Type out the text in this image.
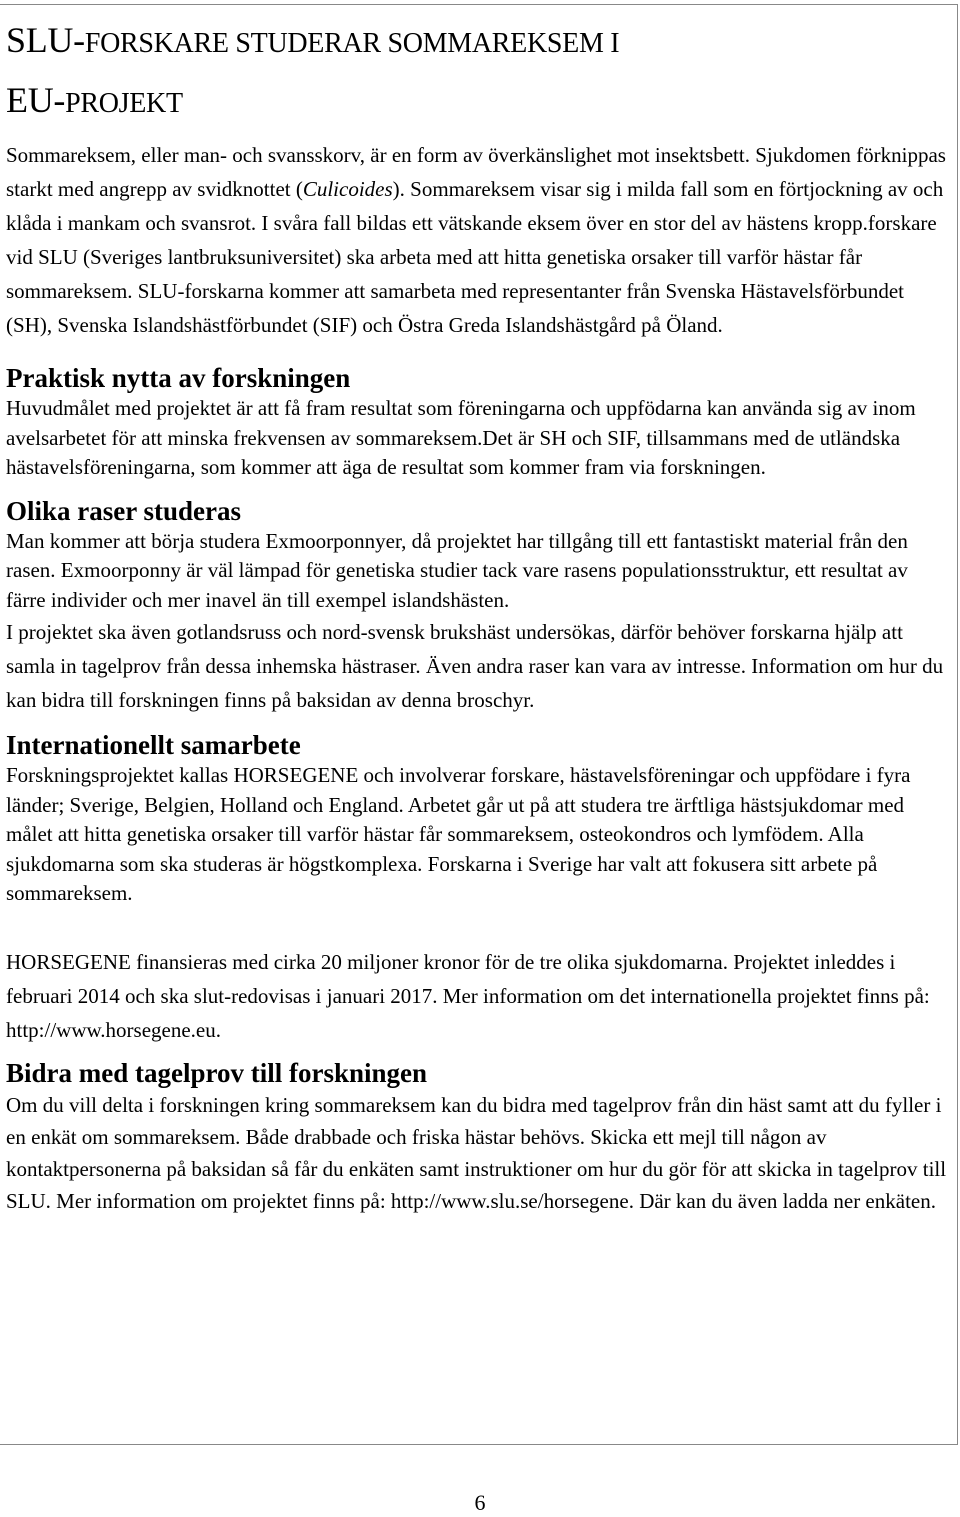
SLU-FORSKARE STUDERAR SOMMAREKSEM I
EU-PROJEKT

Sommareksem, eller man- och svansskorv, är en form av överkänslighet mot insektsbett. Sjukdomen förknippas starkt med angrepp av svidknottet (Culicoides). Sommareksem visar sig i milda fall som en förtjockning av och klåda i mankam och svansrot. I svåra fall bildas ett vätskande eksem över en stor del av hästens kropp.forskare vid SLU (Sveriges lantbruksuniversitet) ska arbeta med att hitta genetiska orsaker till varför hästar får sommareksem. SLU-forskarna kommer att samarbeta med representanter från Svenska Hästavelsförbundet (SH), Svenska Islandshästförbundet (SIF) och Östra Greda Islandshästgård på Öland.

Praktisk nytta av forskningen

Huvudmålet med projektet är att få fram resultat som föreningarna och uppfödarna kan använda sig av inom avelsarbetet för att minska frekvensen av sommareksem.Det är SH och SIF, tillsammans med de utländska hästavelsföreningarna, som kommer att äga de resultat som kommer fram via forskningen.

Olika raser studeras

Man kommer att börja studera Exmoorponnyer, då projektet har tillgång till ett fantastiskt material från den rasen. Exmoorponny är väl lämpad för genetiska studier tack vare rasens populationsstruktur, ett resultat av färre individer och mer inavel än till exempel islandshästen.

I projektet ska även gotlandsruss och nord-svensk brukshäst undersökas, därför behöver forskarna hjälp att samla in tagelprov från dessa inhemska hästraser. Även andra raser kan vara av intresse. Information om hur du kan bidra till forskningen finns på baksidan av denna broschyr.

Internationellt samarbete

Forskningsprojektet kallas HORSEGENE och involverar forskare, hästavelsföreningar och uppfödare i fyra länder; Sverige, Belgien, Holland och England. Arbetet går ut på att studera tre ärftliga hästsjukdomar med målet att hitta genetiska orsaker till varför hästar får sommareksem, osteokondros och lymfödem. Alla sjukdomarna som ska studeras är högstkomplexa. Forskarna i Sverige har valt att fokusera sitt arbete på sommareksem.

HORSEGENE finansieras med cirka 20 miljoner kronor för de tre olika sjukdomarna. Projektet inleddes i februari 2014 och ska slut-redovisas i januari 2017. Mer information om det internationella projektet finns på: http://www.horsegene.eu.

Bidra med tagelprov till forskningen

Om du vill delta i forskningen kring sommareksem kan du bidra med tagelprov från din häst samt att du fyller i en enkät om sommareksem. Både drabbade och friska hästar behövs. Skicka ett mejl till någon av kontaktpersonerna på baksidan så får du enkäten samt instruktioner om hur du gör för att skicka in tagelprov till SLU. Mer information om projektet finns på: http://www.slu.se/horsegene. Där kan du även ladda ner enkäten.

6
